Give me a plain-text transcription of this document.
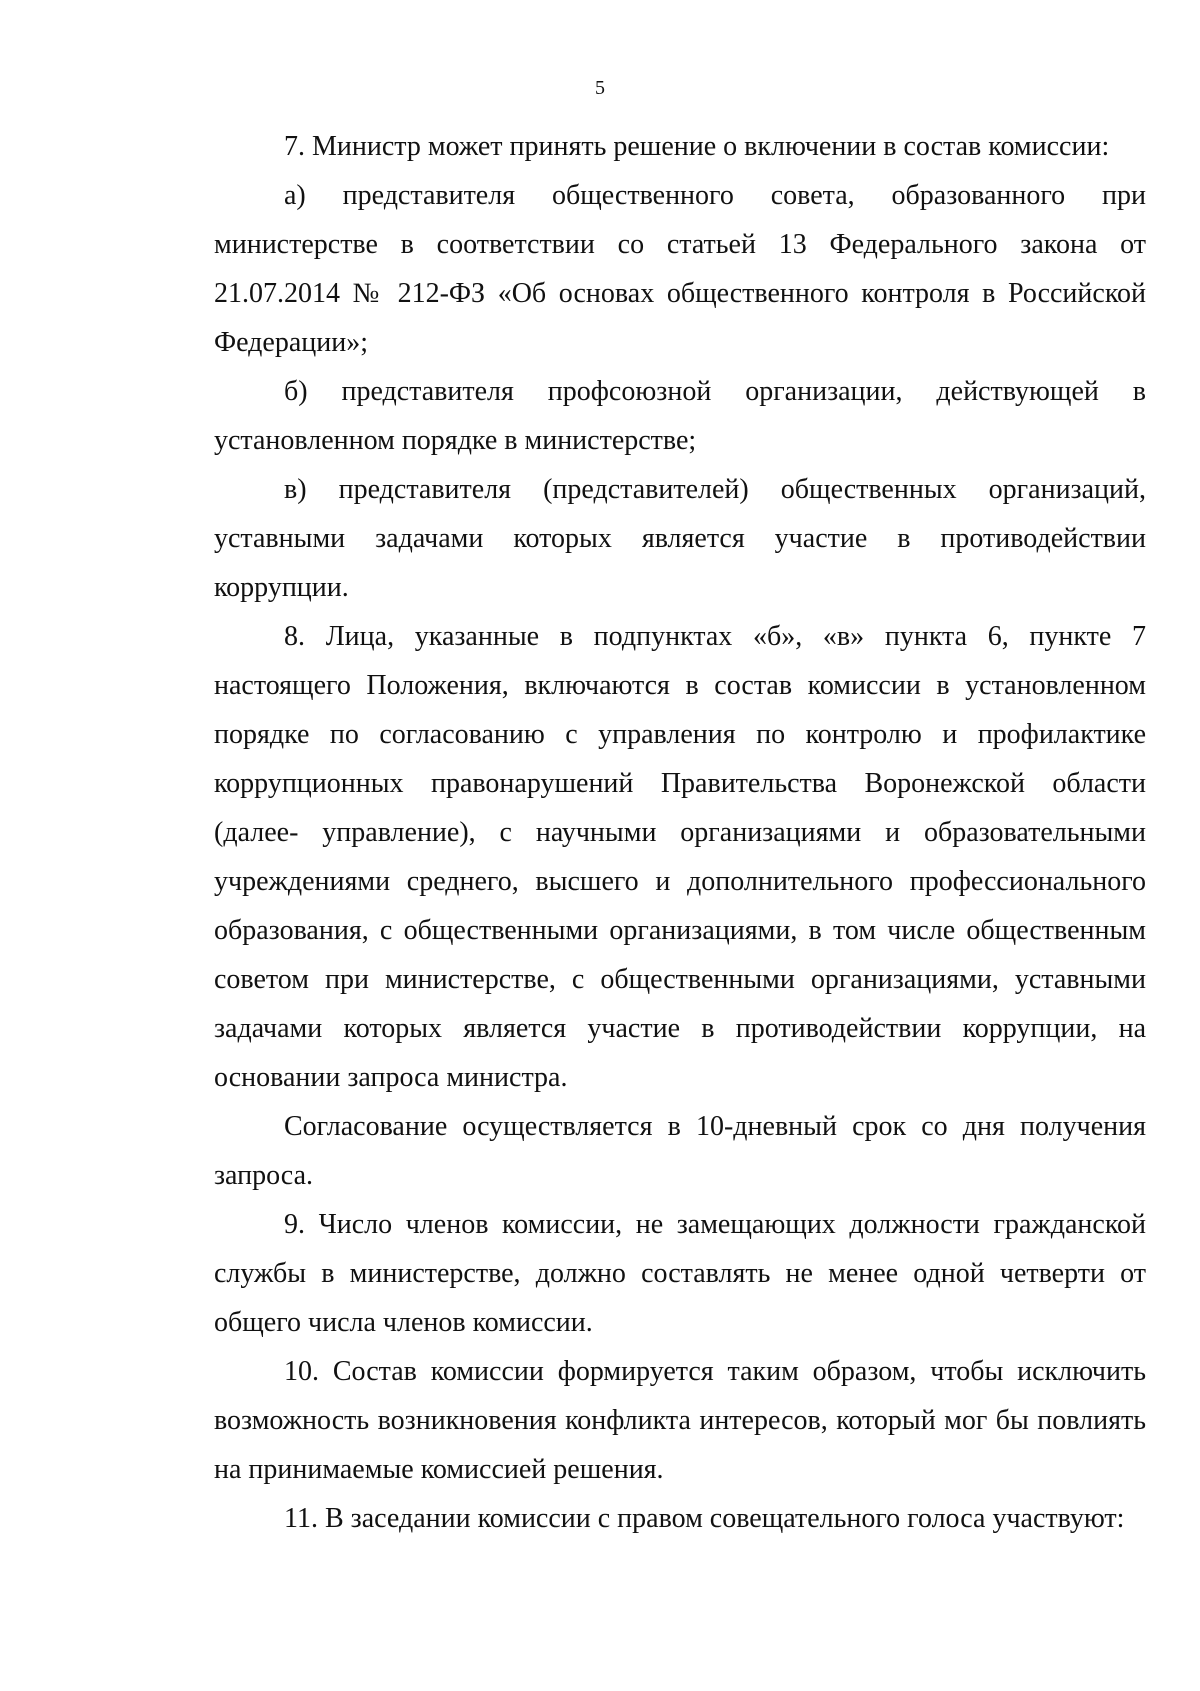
5

7. Министр может принять решение о включении в состав комиссии:

а) представителя общественного совета, образованного при министерстве в соответствии со статьей 13 Федерального закона от 21.07.2014 № 212-ФЗ «Об основах общественного контроля в Российской Федерации»;

б) представителя профсоюзной организации, действующей в установленном порядке в министерстве;

в) представителя (представителей) общественных организаций, уставными задачами которых является участие в противодействии коррупции.

8. Лица, указанные в подпунктах «б», «в» пункта 6, пункте 7 настоящего Положения, включаются в состав комиссии в установленном порядке по согласованию с управления по контролю и профилактике коррупционных правонарушений Правительства Воронежской области (далее- управление), с научными организациями и образовательными учреждениями среднего, высшего и дополнительного профессионального образования, с общественными организациями, в том числе общественным советом при министерстве, с общественными организациями, уставными задачами которых является участие в противодействии коррупции, на основании запроса министра.

Согласование осуществляется в 10-дневный срок со дня получения запроса.

9. Число членов комиссии, не замещающих должности гражданской службы в министерстве, должно составлять не менее одной четверти от общего числа членов комиссии.

10. Состав комиссии формируется таким образом, чтобы исключить возможность возникновения конфликта интересов, который мог бы повлиять на принимаемые комиссией решения.

11. В заседании комиссии с правом совещательного голоса участвуют:
